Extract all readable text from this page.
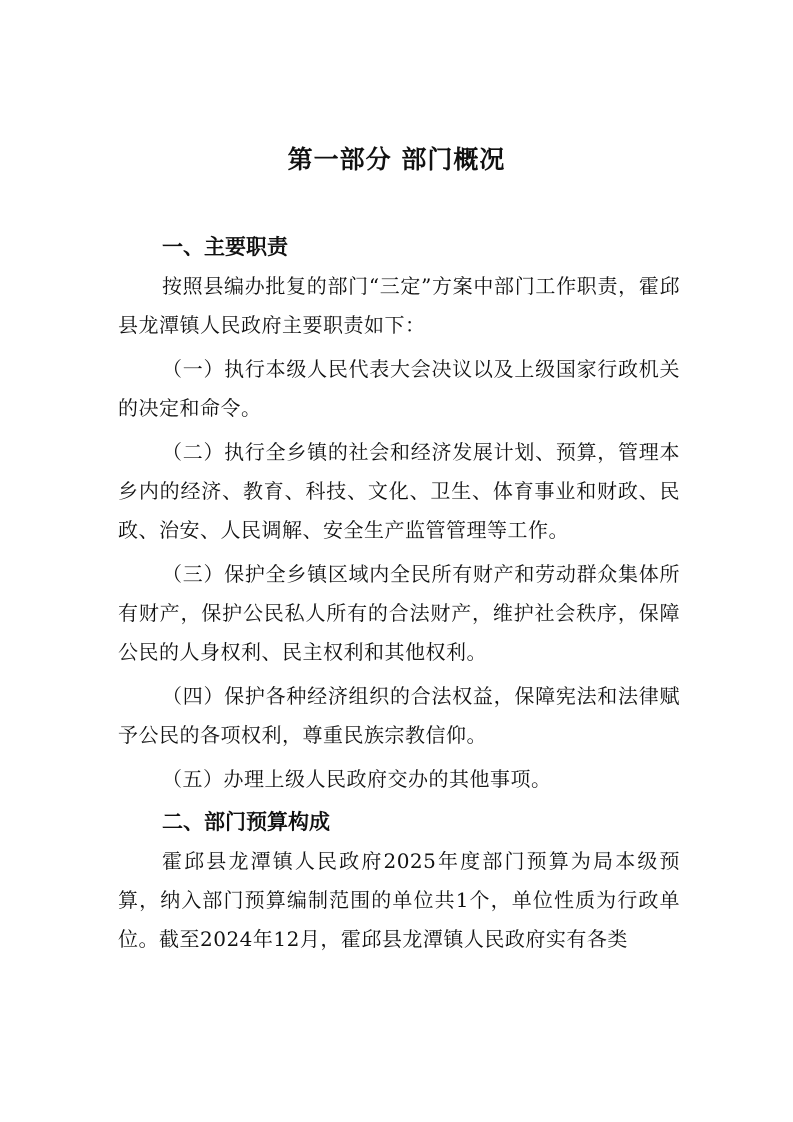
第一部分 部门概况

一、主要职责

按照县编办批复的部门“三定”方案中部门工作职责，霍邱县龙潭镇人民政府主要职责如下：

（一）执行本级人民代表大会决议以及上级国家行政机关的决定和命令。

（二）执行全乡镇的社会和经济发展计划、预算，管理本乡内的经济、教育、科技、文化、卫生、体育事业和财政、民政、治安、人民调解、安全生产监管管理等工作。

（三）保护全乡镇区域内全民所有财产和劳动群众集体所有财产，保护公民私人所有的合法财产，维护社会秩序，保障公民的人身权利、民主权利和其他权利。

（四）保护各种经济组织的合法权益，保障宪法和法律赋予公民的各项权利，尊重民族宗教信仰。

（五）办理上级人民政府交办的其他事项。

二、部门预算构成

霍邱县龙潭镇人民政府2025年度部门预算为局本级预算，纳入部门预算编制范围的单位共1个，单位性质为行政单位。截至2024年12月，霍邱县龙潭镇人民政府实有各类
